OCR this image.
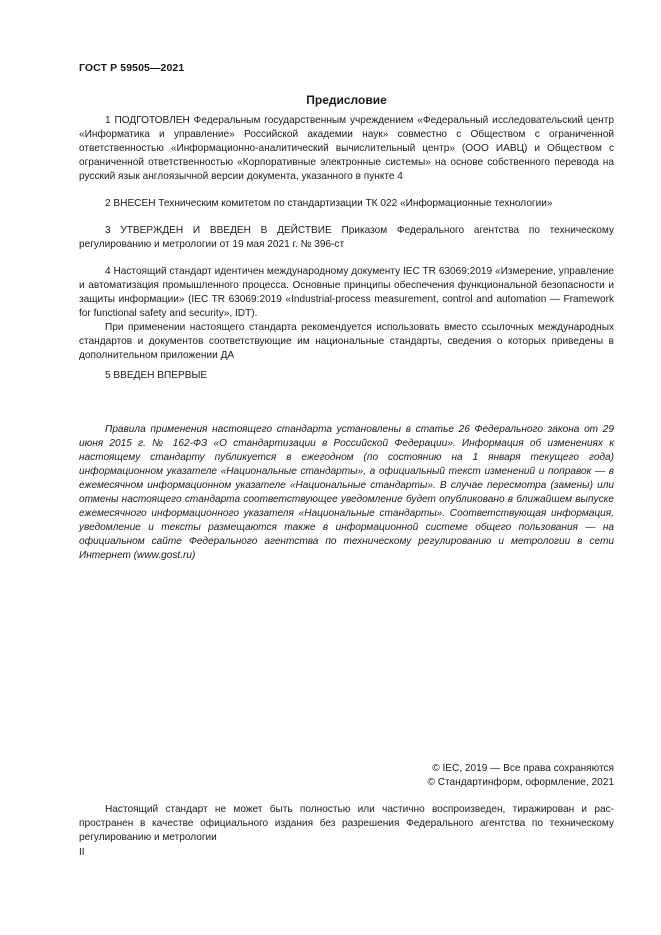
ГОСТ Р 59505—2021
Предисловие

1 ПОДГОТОВЛЕН Федеральным государственным учреждением «Федеральный исследовательский центр «Информатика и управление» Российской академии наук» совместно с Обществом с ограниченной ответственностью «Информационно-аналитический вычислительный центр» (ООО ИАВЦ) и Обществом с ограниченной ответственностью «Корпоративные электронные системы» на основе собственного перевода на русский язык англоязычной версии документа, указанного в пункте 4

2 ВНЕСЕН Техническим комитетом по стандартизации ТК 022 «Информационные технологии»

3 УТВЕРЖДЕН И ВВЕДЕН В ДЕЙСТВИЕ Приказом Федерального агентства по техническому регулированию и метрологии от 19 мая 2021 г. № 396-ст

4 Настоящий стандарт идентичен международному документу IEC TR 63069:2019 «Измерение, управление и автоматизация промышленного процесса. Основные принципы обеспечения функциональной безопасности и защиты информации» (IEC TR 63069:2019 «Industrial-process measurement, control and automation — Framework for functional safety and security», IDT).

При применении настоящего стандарта рекомендуется использовать вместо ссылочных международных стандартов и документов соответствующие им национальные стандарты, сведения о которых приведены в дополнительном приложении ДА

5 ВВЕДЕН ВПЕРВЫЕ

Правила применения настоящего стандарта установлены в статье 26 Федерального закона от 29 июня 2015 г. № 162-ФЗ «О стандартизации в Российской Федерации». Информация об изменениях к настоящему стандарту публикуется в ежегодном (по состоянию на 1 января текущего года) информационном указателе «Национальные стандарты», а официальный текст изменений и поправок — в ежемесячном информационном указателе «Национальные стандарты». В случае пересмотра (замены) или отмены настоящего стандарта соответствующее уведомление будет опубликовано в ближайшем выпуске ежемесячного информационного указателя «Национальные стандарты». Соответствующая информация, уведомление и тексты размещаются также в информационной системе общего пользования — на официальном сайте Федерального агентства по техническому регулированию и метрологии в сети Интернет (www.gost.ru)

© IEC, 2019 — Все права сохраняются
© Стандартинформ, оформление, 2021

Настоящий стандарт не может быть полностью или частично воспроизведен, тиражирован и распространен в качестве официального издания без разрешения Федерального агентства по техническому регулированию и метрологии

II
